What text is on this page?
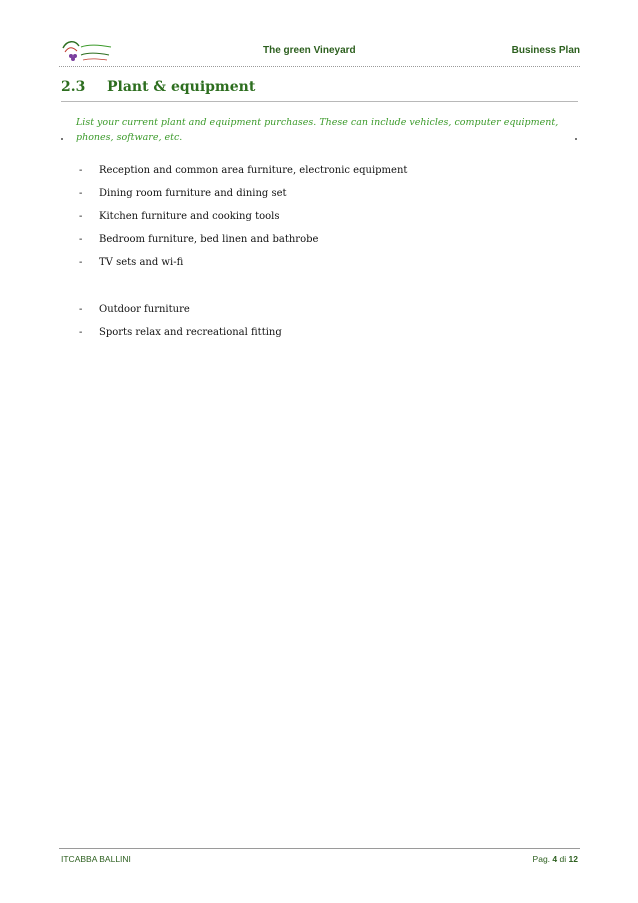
The green Vineyard	Business Plan
2.3 Plant & equipment
List your current plant and equipment purchases. These can include vehicles, computer equipment, phones, software, etc.
- Reception and common area furniture, electronic equipment
- Dining room furniture and dining set
- Kitchen furniture and cooking tools
- Bedroom furniture, bed linen and bathrobe
- TV sets and wi-fi
- Outdoor furniture
- Sports relax and recreational fitting
ITCABBA BALLINI	Pag. 4 di 12
